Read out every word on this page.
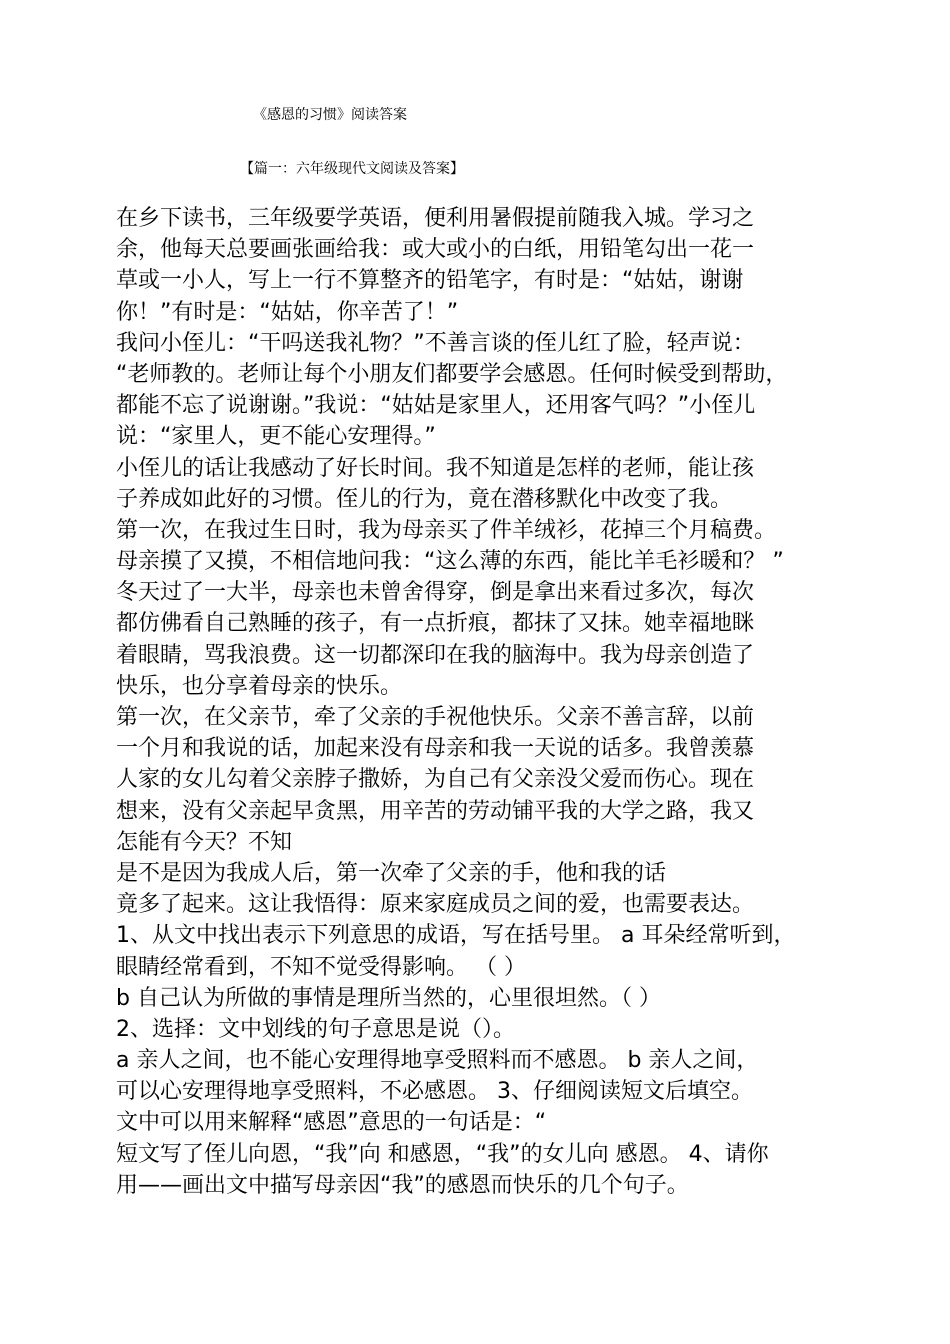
《感恩的习惯》阅读答案
【篇一：六年级现代文阅读及答案】
在乡下读书，三年级要学英语，便利用暑假提前随我入城。学习之
余，他每天总要画张画给我：或大或小的白纸，用铅笔勾出一花一
草或一小人，写上一行不算整齐的铅笔字，有时是：“姑姑，谢谢
你！”有时是：“姑姑，你辛苦了！”
我问小侄儿：“干吗送我礼物？”不善言谈的侄儿红了脸，轻声说：
“老师教的。老师让每个小朋友们都要学会感恩。任何时候受到帮助，
都能不忘了说谢谢。”我说：“姑姑是家里人，还用客气吗？”小侄儿
说：“家里人，更不能心安理得。”
小侄儿的话让我感动了好长时间。我不知道是怎样的老师，能让孩
子养成如此好的习惯。侄儿的行为，竟在潜移默化中改变了我。
第一次，在我过生日时，我为母亲买了件羊绒衫，花掉三个月稿费。
母亲摸了又摸，不相信地问我：“这么薄的东西，能比羊毛衫暖和？ ”
冬天过了一大半，母亲也未曾舍得穿，倒是拿出来看过多次，每次
都仿佛看自己熟睡的孩子，有一点折痕，都抹了又抹。她幸福地眯
着眼睛，骂我浪费。这一切都深印在我的脑海中。我为母亲创造了
快乐，也分享着母亲的快乐。
第一次，在父亲节，牵了父亲的手祝他快乐。父亲不善言辞，以前
一个月和我说的话，加起来没有母亲和我一天说的话多。我曾羡慕
人家的女儿勾着父亲脖子撒娇，为自己有父亲没父爱而伤心。现在
想来，没有父亲起早贪黑，用辛苦的劳动铺平我的大学之路，我又
怎能有今天？不知
是不是因为我成人后，第一次牵了父亲的手，他和我的话
竟多了起来。这让我悟得：原来家庭成员之间的爱，也需要表达。
1、从文中找出表示下列意思的成语，写在括号里。 a 耳朵经常听到，
眼睛经常看到，不知不觉受得影响。 （ ）
b 自己认为所做的事情是理所当然的，心里很坦然。（ ）
2、选择：文中划线的句子意思是说（）。
a 亲人之间，也不能心安理得地享受照料而不感恩。 b 亲人之间，
可以心安理得地享受照料，不必感恩。 3、仔细阅读短文后填空。
文中可以用来解释“感恩”意思的一句话是：“
短文写了侄儿向恩，“我”向 和感恩，“我”的女儿向 感恩。 4、请你
用——画出文中描写母亲因“我”的感恩而快乐的几个句子。
